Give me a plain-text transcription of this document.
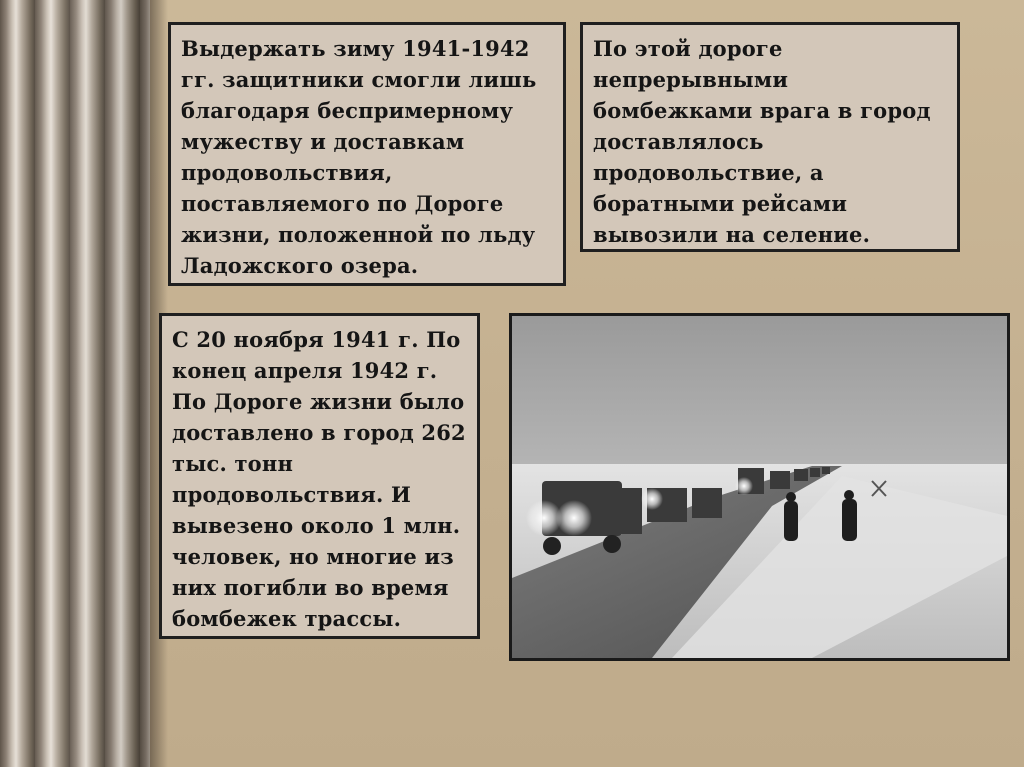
Выдержать зиму 1941-1942 гг. защитники смогли лишь благодаря беспримерному мужеству и доставкам продовольствия, поставляемого по Дороге жизни, положенной по льду Ладожского озера.
По этой дороге непрерывными бомбежками врага в город доставлялось продовольствие, а боратными рейсами вывозили на селение.
С 20 ноября 1941 г. По конец апреля 1942 г. По Дороге жизни было доставлено в город 262 тыс. тонн продовольствия. И вывезено около 1 млн. человек, но многие из них погибли во время бомбежек трассы.
